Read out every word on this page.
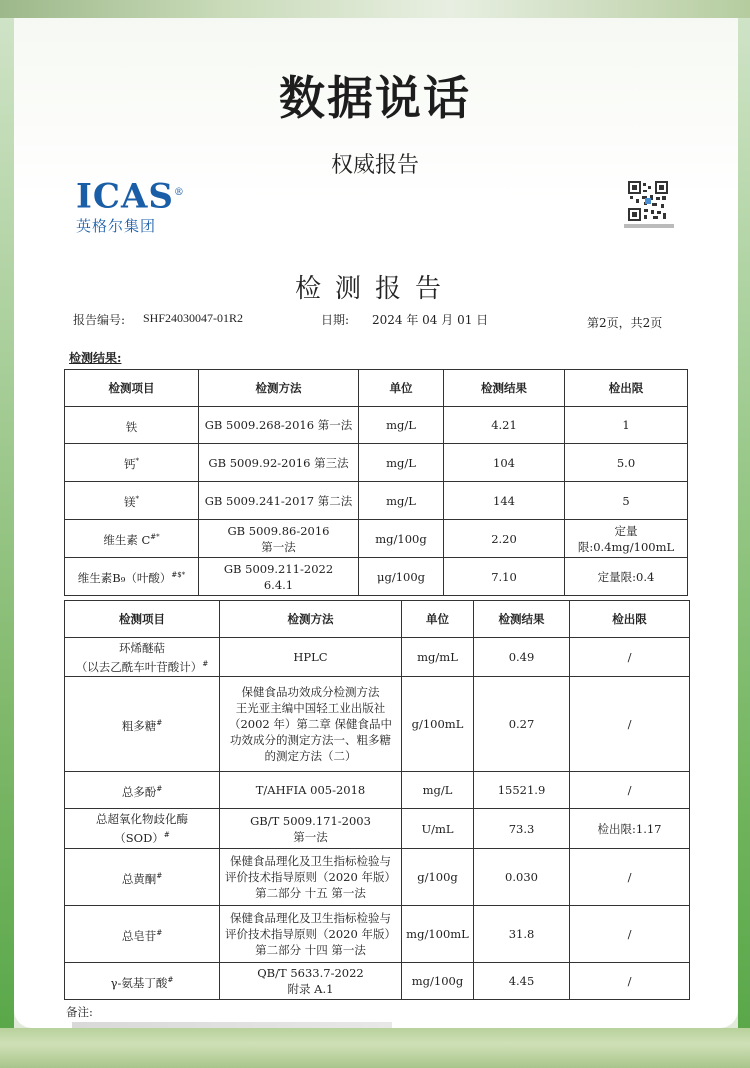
数据说话
权威报告
ICAS®
英格尔集团
检测报告
报告编号: SHF24030047-01R2	日期: 2024 年 04 月 01 日	第2页，共2页
检测结果:
检测项目	检测方法	单位	检测结果	检出限
铁	GB 5009.268-2016 第一法	mg/L	4.21	1
钙*	GB 5009.92-2016 第三法	mg/L	104	5.0
镁*	GB 5009.241-2017 第二法	mg/L	144	5
维生素 C#*	GB 5009.86-2016
第一法	mg/100g	2.20	定量限:0.4mg/100mL
维生素B₉（叶酸）#$*	GB 5009.211-2022
6.4.1	μg/100g	7.10	定量限:0.4
检测项目	检测方法	单位	检测结果	检出限
环烯醚萜
（以去乙酰车叶苷酸计）#	HPLC	mg/mL	0.49	/
粗多糖#	保健食品功效成分检测方法
王光亚主编中国轻工业出版社
（2002 年）第二章 保健食品中
功效成分的测定方法一、粗多糖
的测定方法（二）	g/100mL	0.27	/
总多酚#	T/AHFIA 005-2018	mg/L	15521.9	/
总超氧化物歧化酶
（SOD）#	GB/T 5009.171-2003
第一法	U/mL	73.3	检出限:1.17
总黄酮#	保健食品理化及卫生指标检验与
评价技术指导原则（2020 年版）
第二部分 十五 第一法	g/100g	0.030	/
总皂苷#	保健食品理化及卫生指标检验与
评价技术指导原则（2020 年版）
第二部分 十四 第一法	mg/100mL	31.8	/
γ-氨基丁酸#	QB/T 5633.7-2022
附录 A.1	mg/100g	4.45	/
备注:
